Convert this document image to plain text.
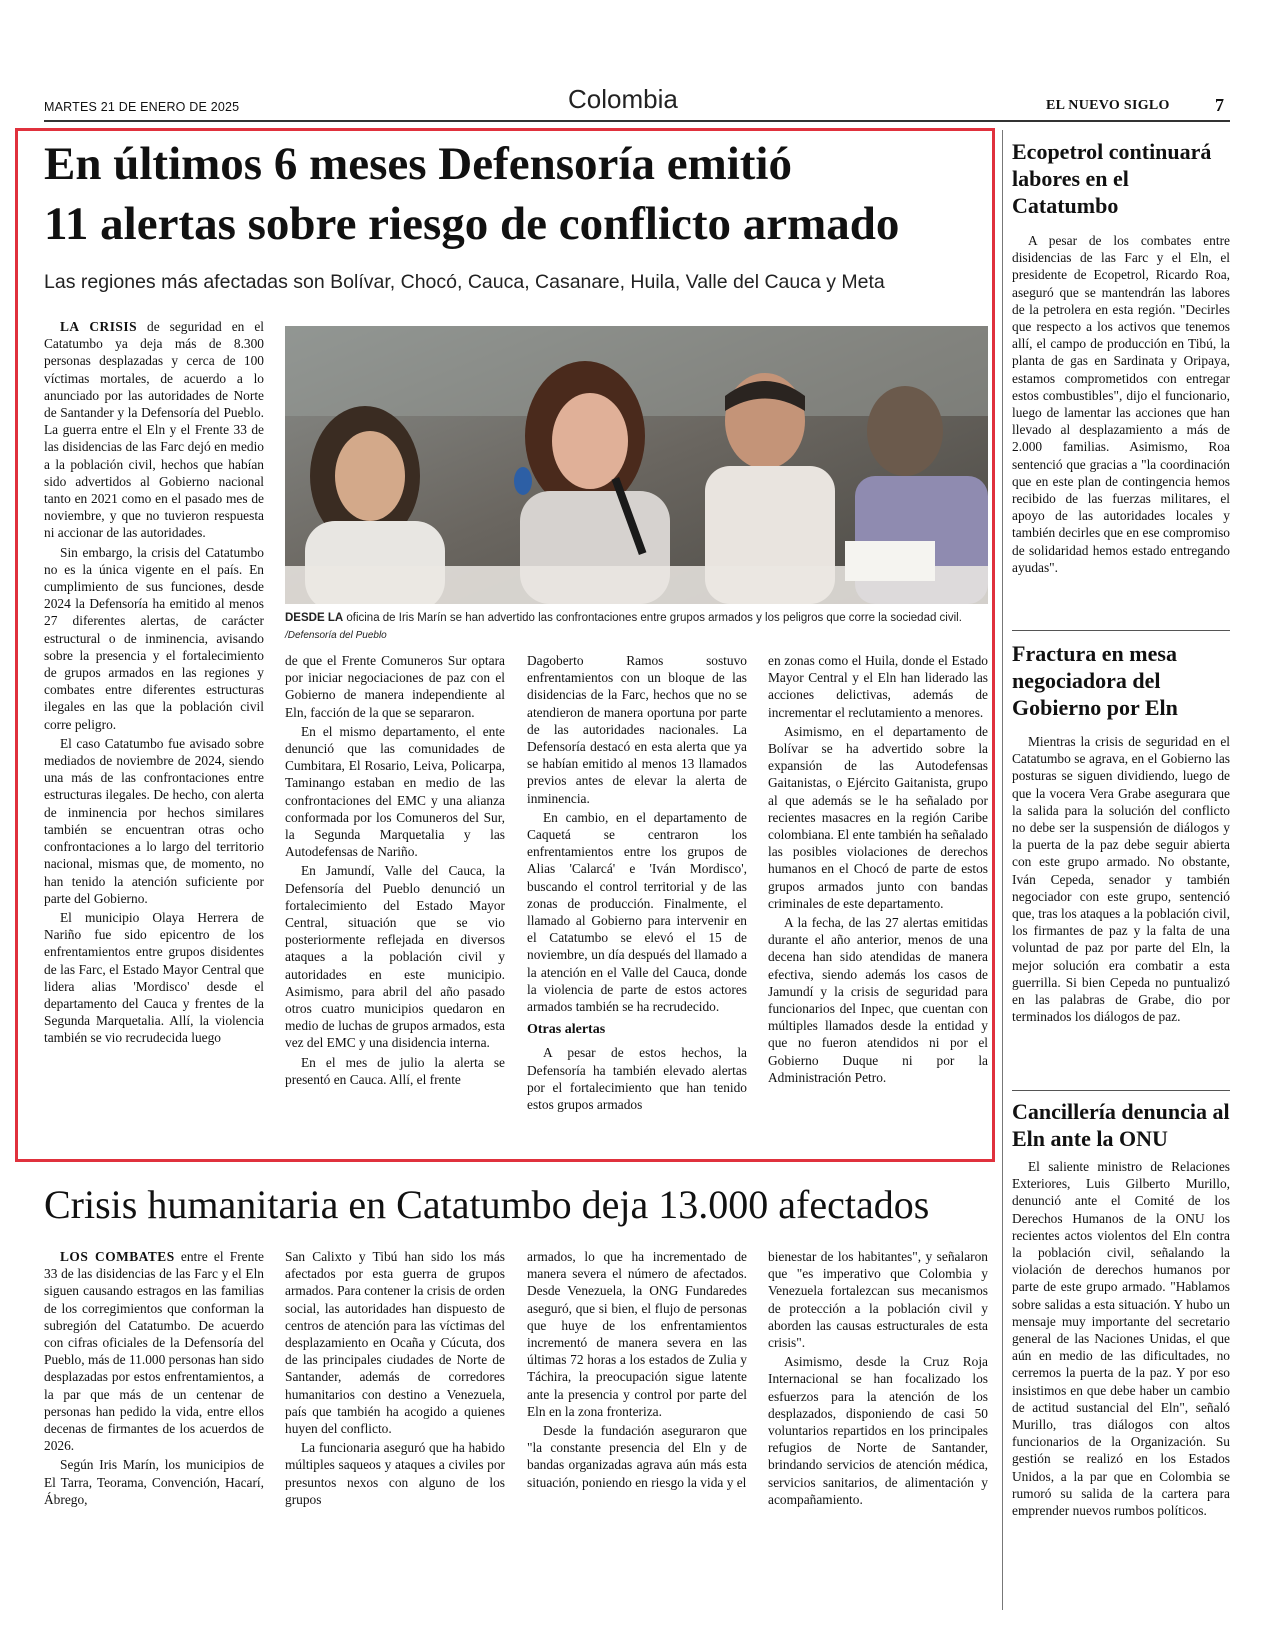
MARTES 21 DE ENERO DE 2025	Colombia	EL NUEVO SIGLO	7
En últimos 6 meses Defensoría emitió
11 alertas sobre riesgo de conflicto armado
Las regiones más afectadas son Bolívar, Chocó, Cauca, Casanare, Huila, Valle del Cauca y Meta

LA CRISIS de seguridad en el Catatumbo ya deja más de 8.300 personas desplazadas y cerca de 100 víctimas mortales, de acuerdo a lo anunciado por las autoridades de Norte de Santander y la Defensoría del Pueblo. La guerra entre el Eln y el Frente 33 de las disidencias de las Farc dejó en medio a la población civil, hechos que habían sido advertidos al Gobierno nacional tanto en 2021 como en el pasado mes de noviembre, y que no tuvieron respuesta ni accionar de las autoridades.

Sin embargo, la crisis del Catatumbo no es la única vigente en el país. En cumplimiento de sus funciones, desde 2024 la Defensoría ha emitido al menos 27 diferentes alertas, de carácter estructural o de inminencia, avisando sobre la presencia y el fortalecimiento de grupos armados en las regiones y combates entre diferentes estructuras ilegales en las que la población civil corre peligro.

El caso Catatumbo fue avisado sobre mediados de noviembre de 2024, siendo una más de las confrontaciones entre estructuras ilegales. De hecho, con alerta de inminencia por hechos similares también se encuentran otras ocho confrontaciones a lo largo del territorio nacional, mismas que, de momento, no han tenido la atención suficiente por parte del Gobierno.

El municipio Olaya Herrera de Nariño fue sido epicentro de los enfrentamientos entre grupos disidentes de las Farc, el Estado Mayor Central que lidera alias 'Mordisco' desde el departamento del Cauca y frentes de la Segunda Marquetalia. Allí, la violencia también se vio recrudecida luego

DESDE LA oficina de Iris Marín se han advertido las confrontaciones entre grupos armados y los peligros que corre la sociedad civil. /Defensoría del Pueblo

de que el Frente Comuneros Sur optara por iniciar negociaciones de paz con el Gobierno de manera independiente al Eln, facción de la que se separaron.

En el mismo departamento, el ente denunció que las comunidades de Cumbitara, El Rosario, Leiva, Policarpa, Taminango estaban en medio de las confrontaciones del EMC y una alianza conformada por los Comuneros del Sur, la Segunda Marquetalia y las Autodefensas de Nariño.

En Jamundí, Valle del Cauca, la Defensoría del Pueblo denunció un fortalecimiento del Estado Mayor Central, situación que se vio posteriormente reflejada en diversos ataques a la población civil y autoridades en este municipio. Asimismo, para abril del año pasado otros cuatro municipios quedaron en medio de luchas de grupos armados, esta vez del EMC y una disidencia interna.

En el mes de julio la alerta se presentó en Cauca. Allí, el frente

Dagoberto Ramos sostuvo enfrentamientos con un bloque de las disidencias de la Farc, hechos que no se atendieron de manera oportuna por parte de las autoridades nacionales. La Defensoría destacó en esta alerta que ya se habían emitido al menos 13 llamados previos antes de elevar la alerta de inminencia.

En cambio, en el departamento de Caquetá se centraron los enfrentamientos entre los grupos de Alias 'Calarcá' e 'Iván Mordisco', buscando el control territorial y de las zonas de producción. Finalmente, el llamado al Gobierno para intervenir en el Catatumbo se elevó el 15 de noviembre, un día después del llamado a la atención en el Valle del Cauca, donde la violencia de parte de estos actores armados también se ha recrudecido.

Otras alertas

A pesar de estos hechos, la Defensoría ha también elevado alertas por el fortalecimiento que han tenido estos grupos armados

en zonas como el Huila, donde el Estado Mayor Central y el Eln han liderado las acciones delictivas, además de incrementar el reclutamiento a menores.

Asimismo, en el departamento de Bolívar se ha advertido sobre la expansión de las Autodefensas Gaitanistas, o Ejército Gaitanista, grupo al que además se le ha señalado por recientes masacres en la región Caribe colombiana. El ente también ha señalado las posibles violaciones de derechos humanos en el Chocó de parte de estos grupos armados junto con bandas criminales de este departamento.

A la fecha, de las 27 alertas emitidas durante el año anterior, menos de una decena han sido atendidas de manera efectiva, siendo además los casos de Jamundí y la crisis de seguridad para funcionarios del Inpec, que cuentan con múltiples llamados desde la entidad y que no fueron atendidos ni por el Gobierno Duque ni por la Administración Petro.

Crisis humanitaria en Catatumbo deja 13.000 afectados

LOS COMBATES entre el Frente 33 de las disidencias de las Farc y el Eln siguen causando estragos en las familias de los corregimientos que conforman la subregión del Catatumbo. De acuerdo con cifras oficiales de la Defensoría del Pueblo, más de 11.000 personas han sido desplazadas por estos enfrentamientos, a la par que más de un centenar de personas han pedido la vida, entre ellos decenas de firmantes de los acuerdos de 2026.

Según Iris Marín, los municipios de El Tarra, Teorama, Convención, Hacarí, Ábrego,

San Calixto y Tibú han sido los más afectados por esta guerra de grupos armados. Para contener la crisis de orden social, las autoridades han dispuesto de centros de atención para las víctimas del desplazamiento en Ocaña y Cúcuta, dos de las principales ciudades de Norte de Santander, además de corredores humanitarios con destino a Venezuela, país que también ha acogido a quienes huyen del conflicto.

La funcionaria aseguró que ha habido múltiples saqueos y ataques a civiles por presuntos nexos con alguno de los grupos

armados, lo que ha incrementado de manera severa el número de afectados. Desde Venezuela, la ONG Fundaredes aseguró, que si bien, el flujo de personas que huye de los enfrentamientos incrementó de manera severa en las últimas 72 horas a los estados de Zulia y Táchira, la preocupación sigue latente ante la presencia y control por parte del Eln en la zona fronteriza.

Desde la fundación aseguraron que "la constante presencia del Eln y de bandas organizadas agrava aún más esta situación, poniendo en riesgo la vida y el

bienestar de los habitantes", y señalaron que "es imperativo que Colombia y Venezuela fortalezcan sus mecanismos de protección a la población civil y aborden las causas estructurales de esta crisis".

Asimismo, desde la Cruz Roja Internacional se han focalizado los esfuerzos para la atención de los desplazados, disponiendo de casi 50 voluntarios repartidos en los principales refugios de Norte de Santander, brindando servicios de atención médica, servicios sanitarios, de alimentación y acompañamiento.

Ecopetrol continuará labores en el Catatumbo

A pesar de los combates entre disidencias de las Farc y el Eln, el presidente de Ecopetrol, Ricardo Roa, aseguró que se mantendrán las labores de la petrolera en esta región. "Decirles que respecto a los activos que tenemos allí, el campo de producción en Tibú, la planta de gas en Sardinata y Oripaya, estamos comprometidos con entregar estos combustibles", dijo el funcionario, luego de lamentar las acciones que han llevado al desplazamiento a más de 2.000 familias. Asimismo, Roa sentenció que gracias a "la coordinación que en este plan de contingencia hemos recibido de las fuerzas militares, el apoyo de las autoridades locales y también decirles que en ese compromiso de solidaridad hemos estado entregando ayudas".

Fractura en mesa negociadora del Gobierno por Eln

Mientras la crisis de seguridad en el Catatumbo se agrava, en el Gobierno las posturas se siguen dividiendo, luego de que la vocera Vera Grabe asegurara que la salida para la solución del conflicto no debe ser la suspensión de diálogos y la puerta de la paz debe seguir abierta con este grupo armado. No obstante, Iván Cepeda, senador y también negociador con este grupo, sentenció que, tras los ataques a la población civil, los firmantes de paz y la falta de una voluntad de paz por parte del Eln, la mejor solución era combatir a esta guerrilla. Si bien Cepeda no puntualizó en las palabras de Grabe, dio por terminados los diálogos de paz.

Cancillería denuncia al Eln ante la ONU

El saliente ministro de Relaciones Exteriores, Luis Gilberto Murillo, denunció ante el Comité de los Derechos Humanos de la ONU los recientes actos violentos del Eln contra la población civil, señalando la violación de derechos humanos por parte de este grupo armado. "Hablamos sobre salidas a esta situación. Y hubo un mensaje muy importante del secretario general de las Naciones Unidas, el que aún en medio de las dificultades, no cerremos la puerta de la paz. Y por eso insistimos en que debe haber un cambio de actitud sustancial del Eln", señaló Murillo, tras diálogos con altos funcionarios de la Organización. Su gestión se realizó en los Estados Unidos, a la par que en Colombia se rumoró su salida de la cartera para emprender nuevos rumbos políticos.
